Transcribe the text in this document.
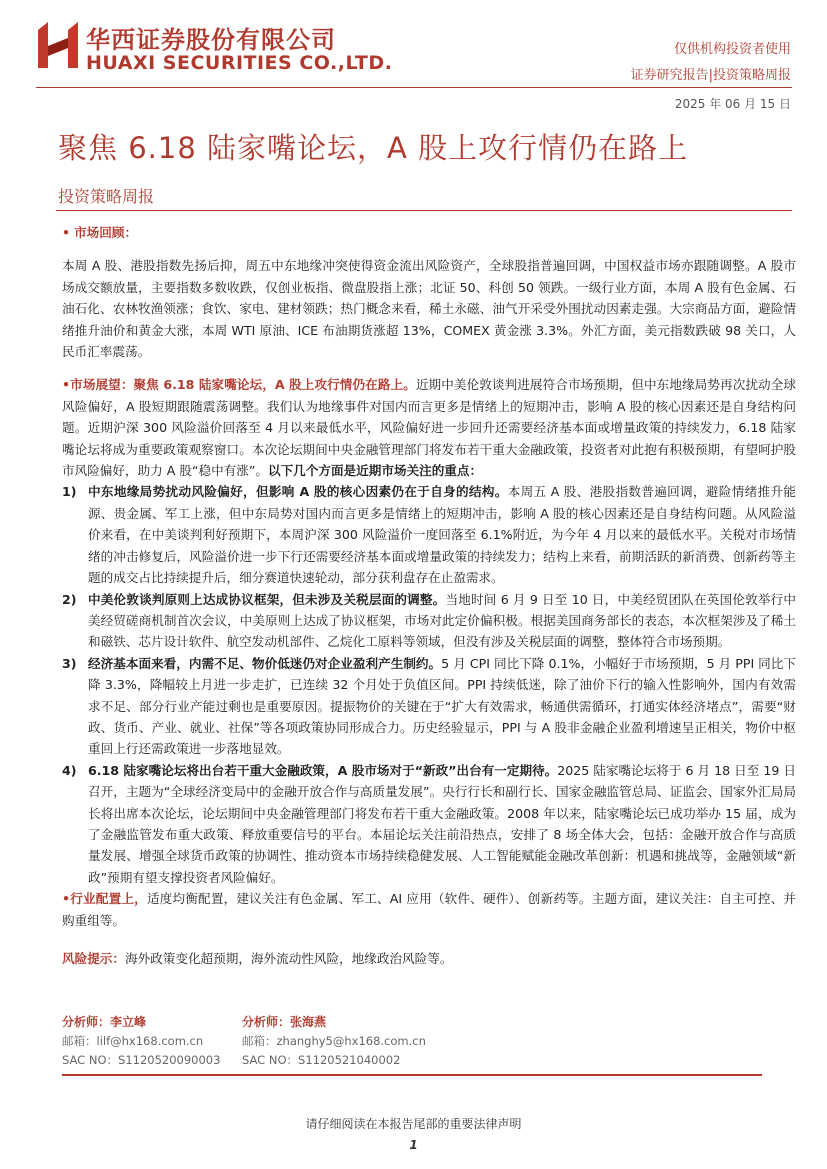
华西证券股份有限公司
HUAXI SECURITIES CO.,LTD.
仅供机构投资者使用
证券研究报告|投资策略周报
2025 年 06 月 15 日
聚焦 6.18 陆家嘴论坛，A 股上攻行情仍在路上
投资策略周报

• 市场回顾：

本周 A 股、港股指数先扬后抑，周五中东地缘冲突使得资金流出风险资产，全球股指普遍回调，中国权益市场亦跟随调整。A 股市场成交额放量，主要指数多数收跌，仅创业板指、微盘股指上涨；北证 50、科创 50 领跌。一级行业方面，本周 A 股有色金属、石油石化、农林牧渔领涨；食饮、家电、建材领跌；热门概念来看，稀土永磁、油气开采受外围扰动因素走强。大宗商品方面，避险情绪推升油价和黄金大涨，本周 WTI 原油、ICE 布油期货涨超 13%，COMEX 黄金涨 3.3%。外汇方面，美元指数跌破 98 关口，人民币汇率震荡。

•市场展望：聚焦 6.18 陆家嘴论坛，A 股上攻行情仍在路上。近期中美伦敦谈判进展符合市场预期，但中东地缘局势再次扰动全球风险偏好，A 股短期跟随震荡调整。我们认为地缘事件对国内而言更多是情绪上的短期冲击，影响 A 股的核心因素还是自身结构问题。近期沪深 300 风险溢价回落至 4 月以来最低水平，风险偏好进一步回升还需要经济基本面或增量政策的持续发力，6.18 陆家嘴论坛将成为重要政策观察窗口。本次论坛期间中央金融管理部门将发布若干重大金融政策，投资者对此抱有积极预期，有望呵护股市风险偏好，助力 A 股“稳中有涨”。以下几个方面是近期市场关注的重点：

1) 中东地缘局势扰动风险偏好，但影响 A 股的核心因素仍在于自身的结构。本周五 A 股、港股指数普遍回调，避险情绪推升能源、贵金属、军工上涨，但中东局势对国内而言更多是情绪上的短期冲击，影响 A 股的核心因素还是自身结构问题。从风险溢价来看，在中美谈判利好预期下，本周沪深 300 风险溢价一度回落至 6.1%附近，为今年 4 月以来的最低水平。关税对市场情绪的冲击修复后，风险溢价进一步下行还需要经济基本面或增量政策的持续发力；结构上来看，前期活跃的新消费、创新药等主题的成交占比持续提升后，细分赛道快速轮动，部分获利盘存在止盈需求。
2) 中美伦敦谈判原则上达成协议框架，但未涉及关税层面的调整。当地时间 6 月 9 日至 10 日，中美经贸团队在英国伦敦举行中美经贸磋商机制首次会议，中美原则上达成了协议框架，市场对此定价偏积极。根据美国商务部长的表态，本次框架涉及了稀土和磁铁、芯片设计软件、航空发动机部件、乙烷化工原料等领域，但没有涉及关税层面的调整，整体符合市场预期。
3) 经济基本面来看，内需不足、物价低迷仍对企业盈利产生制约。5 月 CPI 同比下降 0.1%，小幅好于市场预期，5 月 PPI 同比下降 3.3%，降幅较上月进一步走扩，已连续 32 个月处于负值区间。PPI 持续低迷，除了油价下行的输入性影响外，国内有效需求不足、部分行业产能过剩也是重要原因。提振物价的关键在于“扩大有效需求，畅通供需循环，打通实体经济堵点”，需要“财政、货币、产业、就业、社保”等各项政策协同形成合力。历史经验显示，PPI 与 A 股非金融企业盈利增速呈正相关，物价中枢重回上行还需政策进一步落地显效。
4) 6.18 陆家嘴论坛将出台若干重大金融政策，A 股市场对于“新政”出台有一定期待。2025 陆家嘴论坛将于 6 月 18 日至 19 日召开，主题为“全球经济变局中的金融开放合作与高质量发展”。央行行长和副行长、国家金融监管总局、证监会、国家外汇局局长将出席本次论坛，论坛期间中央金融管理部门将发布若干重大金融政策。2008 年以来，陆家嘴论坛已成功举办 15 届，成为了金融监管发布重大政策、释放重要信号的平台。本届论坛关注前沿热点，安排了 8 场全体大会，包括：金融开放合作与高质量发展、增强全球货币政策的协调性、推动资本市场持续稳健发展、人工智能赋能金融改革创新：机遇和挑战等，金融领域“新政”预期有望支撑投资者风险偏好。

•行业配置上，适度均衡配置，建议关注有色金属、军工、AI 应用（软件、硬件）、创新药等。主题方面，建议关注：自主可控、并购重组等。

风险提示：海外政策变化超预期，海外流动性风险，地缘政治风险等。

分析师：李立峰
邮箱：lilf@hx168.com.cn
SAC NO：S1120520090003
分析师：张海燕
邮箱：zhanghy5@hx168.com.cn
SAC NO：S1120521040002
请仔细阅读在本报告尾部的重要法律声明
1
